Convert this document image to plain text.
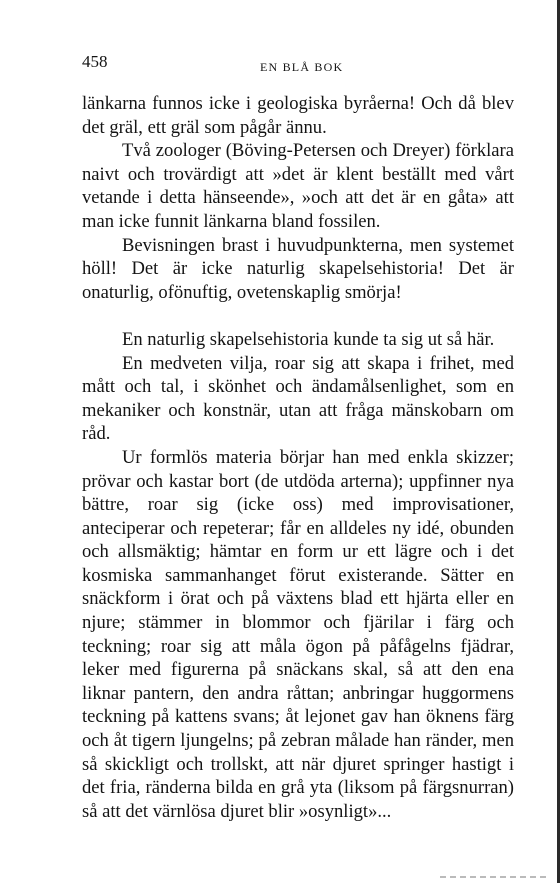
458	EN BLÅ BOK

länkarna funnos icke i geologiska byråerna! Och då blev det gräl, ett gräl som pågår ännu.

Två zoologer (Böving-Petersen och Dreyer) förklara naivt och trovärdigt att »det är klent beställt med vårt vetande i detta hänseende», »och att det är en gåta» att man icke funnit länkarna bland fossilen.

Bevisningen brast i huvudpunkterna, men systemet höll! Det är icke naturlig skapelsehistoria! Det är onaturlig, ofönuftig, ovetenskaplig smörja!

En naturlig skapelsehistoria kunde ta sig ut så här.

En medveten vilja, roar sig att skapa i frihet, med mått och tal, i skönhet och ändamålsenlighet, som en mekaniker och konstnär, utan att fråga mänskobarn om råd.

Ur formlös materia börjar han med enkla skizzer; prövar och kastar bort (de utdöda arterna); uppfinner nya bättre, roar sig (icke oss) med improvisationer, anteciperar och repeterar; får en alldeles ny idé, obunden och allsmäktig; hämtar en form ur ett lägre och i det kosmiska sammanhanget förut existerande. Sätter en snäckform i örat och på växtens blad ett hjärta eller en njure; stämmer in blommor och fjärilar i färg och teckning; roar sig att måla ögon på påfågelns fjädrar, leker med figurerna på snäckans skal, så att den ena liknar pantern, den andra råttan; anbringar huggormens teckning på kattens svans; åt lejonet gav han öknens färg och åt tigern ljungelns; på zebran målade han ränder, men så skickligt och trollskt, att när djuret springer hastigt i det fria, ränderna bilda en grå yta (liksom på färgsnurran) så att det värnlösa djuret blir »osynligt»...
